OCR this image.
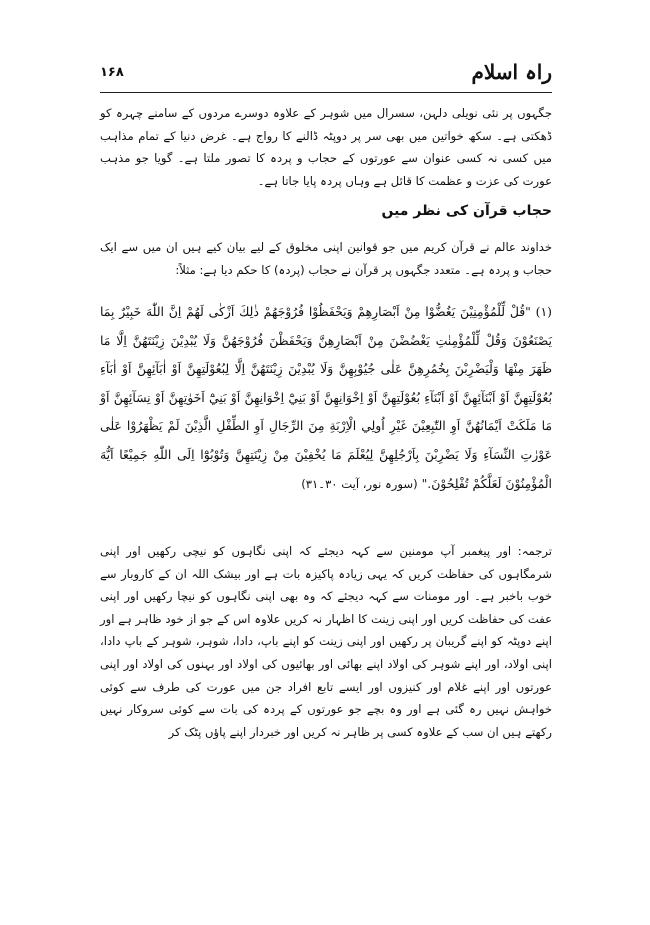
راہ اسلام
۱۶۸

جگہوں پر نئی نویلی دلہن، سسرال میں شوہر کے علاوہ دوسرے مردوں کے سامنے چہرہ کو ڈھکتی ہے۔ سکھ خواتین میں بھی سر پر دوپٹہ ڈالنے کا رواج ہے۔ غرض دنیا کے تمام مذاہب میں کسی نہ کسی عنوان سے عورتوں کے حجاب و پردہ کا تصور ملتا ہے۔ گویا جو مذہب عورت کی عزت و عظمت کا قائل ہے وہاں پردہ پایا جاتا ہے۔

حجاب قرآن کی نظر میں

خداوند عالم نے قرآن کریم میں جو قوانین اپنی مخلوق کے لیے بیان کیے ہیں ان میں سے ایک حجاب و پردہ ہے۔ متعدد جگہوں پر قرآن نے حجاب (پردہ) کا حکم دیا ہے: مثلاً:

(۱) "قُلْ لِّلْمُؤْمِنِيْنَ يَغُضُّوْا مِنْ اَبْصَارِهِمْ وَيَحْفَظُوْا فُرُوْجَهُمْ ذٰلِكَ اَزْكٰى لَهُمْ اِنَّ اللّٰهَ خَبِيْرٌ بِمَا يَصْنَعُوْنَ وَقُلْ لِّلْمُؤْمِنٰتِ يَغْضُضْنَ مِنْ اَبْصَارِهِنَّ وَيَحْفَظْنَ فُرُوْجَهُنَّ وَلَا يُبْدِيْنَ زِيْنَتَهُنَّ اِلَّا مَا ظَهَرَ مِنْهَا وَلْيَضْرِبْنَ بِخُمُرِهِنَّ عَلٰى جُيُوْبِهِنَّ وَلَا يُبْدِيْنَ زِيْنَتَهُنَّ اِلَّا لِبُعُوْلَتِهِنَّ اَوْ اٰبَآئِهِنَّ اَوْ اٰبَآءِ بُعُوْلَتِهِنَّ اَوْ اَبْنَآئِهِنَّ اَوْ اَبْنَآءِ بُعُوْلَتِهِنَّ اَوْ اِخْوَانِهِنَّ اَوْ بَنِيْٓ اِخْوَانِهِنَّ اَوْ بَنِيْٓ اَخَوٰتِهِنَّ اَوْ نِسَآئِهِنَّ اَوْ مَا مَلَكَتْ اَيْمَانُهُنَّ اَوِ التّٰبِعِيْنَ غَيْرِ اُولِي الْاِرْبَةِ مِنَ الرِّجَالِ اَوِ الطِّفْلِ الَّذِيْنَ لَمْ يَظْهَرُوْا عَلٰى عَوْرٰتِ النِّسَآءِ وَلَا يَضْرِبْنَ بِاَرْجُلِهِنَّ لِيُعْلَمَ مَا يُخْفِيْنَ مِنْ زِيْنَتِهِنَّ وَتُوْبُوْٓا اِلَى اللّٰهِ جَمِيْعًا اَيُّهَ الْمُؤْمِنُوْنَ لَعَلَّكُمْ تُفْلِحُوْنَ." (سورہ نور، آیت ۳۰۔۳۱)

ترجمہ: اور پیغمبر آپ مومنین سے کہہ دیجئے کہ اپنی نگاہوں کو نیچی رکھیں اور اپنی شرمگاہوں کی حفاظت کریں کہ یہی زیادہ پاکیزہ بات ہے اور بیشک اللہ ان کے کاروبار سے خوب باخبر ہے۔ اور مومنات سے کہہ دیجئے کہ وہ بھی اپنی نگاہوں کو نیچا رکھیں اور اپنی عفت کی حفاظت کریں اور اپنی زینت کا اظہار نہ کریں علاوہ اس کے جو از خود ظاہر ہے اور اپنے دوپٹہ کو اپنے گریبان پر رکھیں اور اپنی زینت کو اپنے باپ، دادا، شوہر، شوہر کے باپ دادا، اپنی اولاد، اور اپنے شوہر کی اولاد اپنے بھائی اور بھائیوں کی اولاد اور بہنوں کی اولاد اور اپنی عورتوں اور اپنے غلام اور کنیزوں اور ایسے تابع افراد جن میں عورت کی طرف سے کوئی خواہش نہیں رہ گئی ہے اور وہ بچے جو عورتوں کے پردہ کی بات سے کوئی سروکار نہیں رکھتے ہیں ان سب کے علاوہ کسی پر ظاہر نہ کریں اور خبردار اپنے پاؤں پٹک کر
